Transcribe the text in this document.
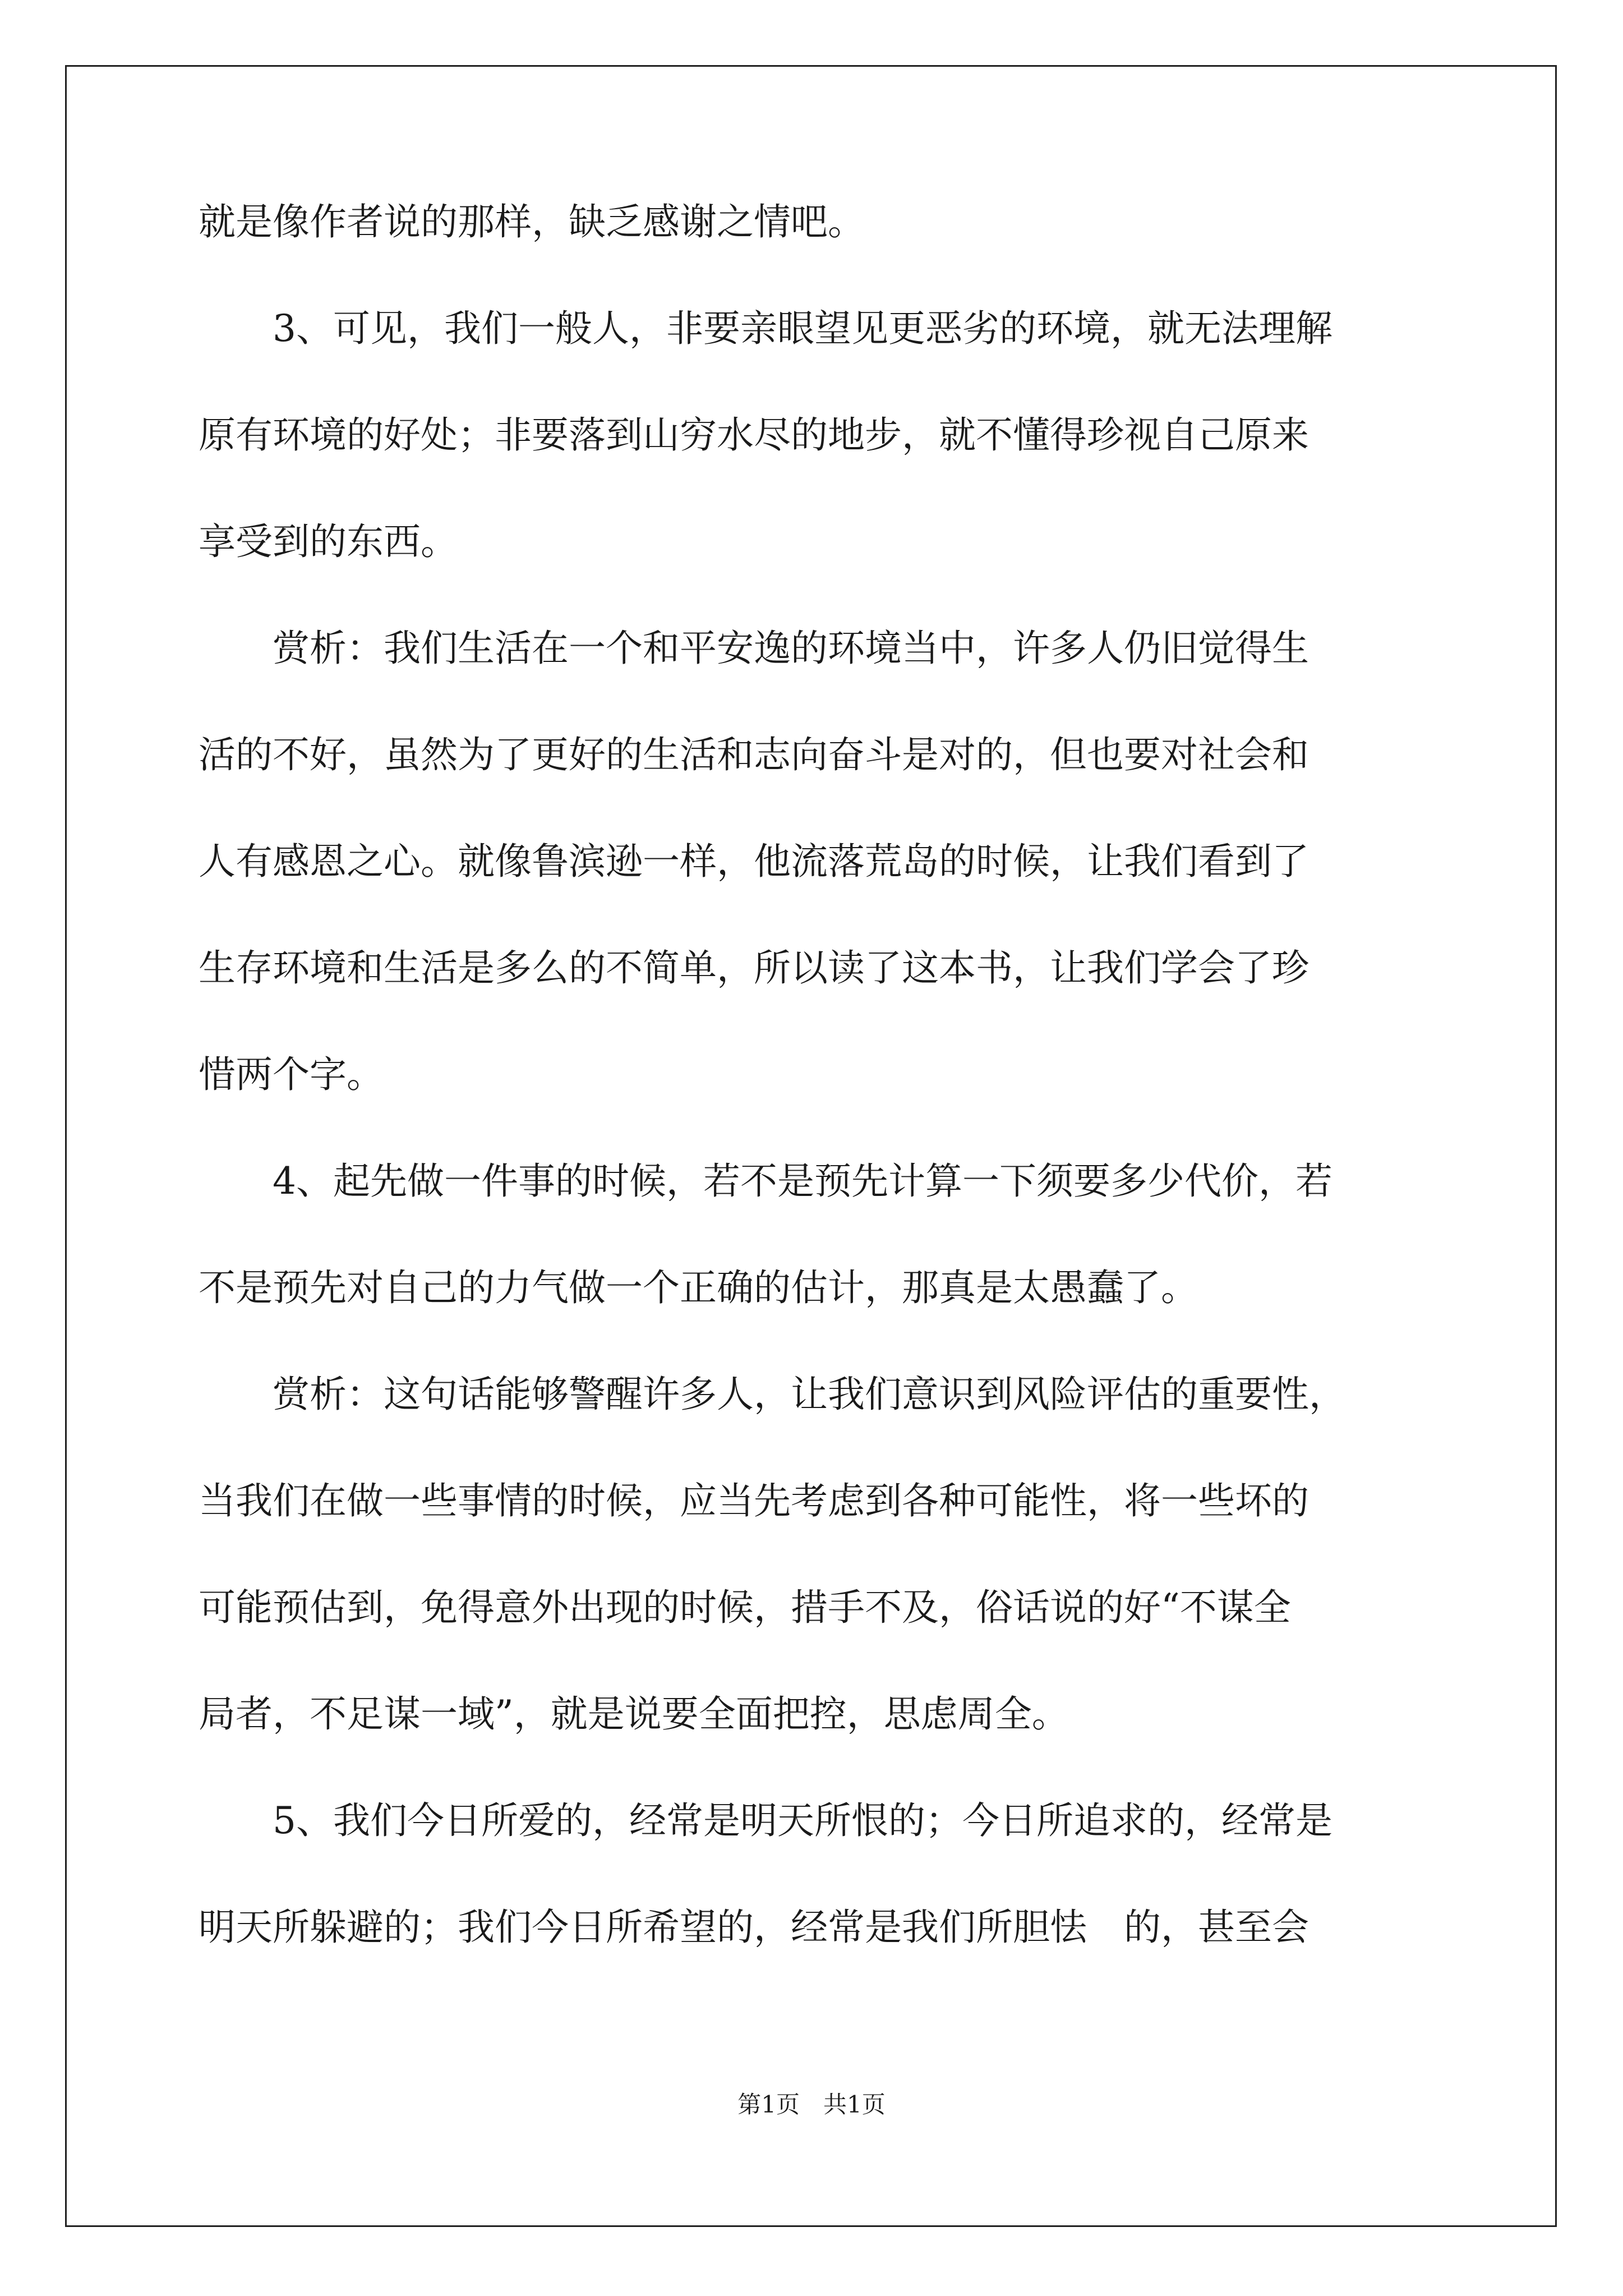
就是像作者说的那样，缺乏感谢之情吧。
3、可见，我们一般人，非要亲眼望见更恶劣的环境，就无法理解
原有环境的好处；非要落到山穷水尽的地步，就不懂得珍视自己原来
享受到的东西。
赏析：我们生活在一个和平安逸的环境当中，许多人仍旧觉得生
活的不好，虽然为了更好的生活和志向奋斗是对的，但也要对社会和
人有感恩之心。就像鲁滨逊一样，他流落荒岛的时候，让我们看到了
生存环境和生活是多么的不简单，所以读了这本书，让我们学会了珍
惜两个字。
4、起先做一件事的时候，若不是预先计算一下须要多少代价，若
不是预先对自己的力气做一个正确的估计，那真是太愚蠢了。
赏析：这句话能够警醒许多人，让我们意识到风险评估的重要性，
当我们在做一些事情的时候，应当先考虑到各种可能性，将一些坏的
可能预估到，免得意外出现的时候，措手不及，俗话说的好“不谋全
局者，不足谋一域”，就是说要全面把控，思虑周全。
5、我们今日所爱的，经常是明天所恨的；今日所追求的，经常是
明天所躲避的；我们今日所希望的，经常是我们所胆怯　的，甚至会
第1页　共1页
